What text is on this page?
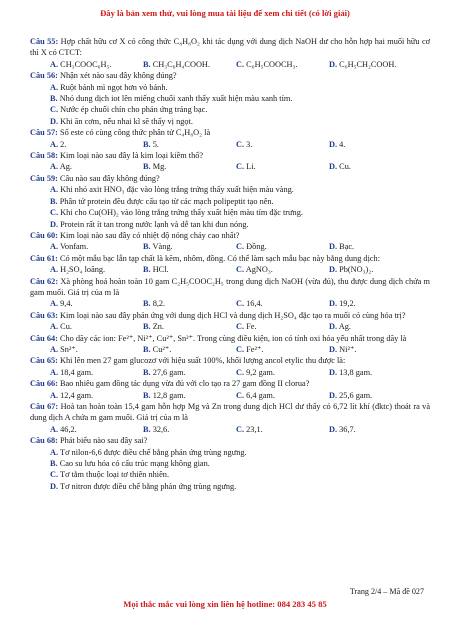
Đây là bản xem thử, vui lòng mua tài liệu để xem chi tiết (có lời giải)

Câu 55: Hợp chất hữu cơ X có công thức C₈H₈O₂ khi tác dụng với dung dịch NaOH dư cho hỗn hợp hai muối hữu cơ thì X có CTCT:

A. CH₃COOC₆H₅.	B. CH₃C₆H₄COOH.	C. C₆H₅COOCH₃.	D. C₆H₅CH₂COOH.

Câu 56: Nhận xét nào sau đây không đúng?

A. Ruột bánh mì ngọt hơn vỏ bánh.
B. Nhỏ dung dịch iot lên miếng chuối xanh thấy xuất hiện màu xanh tím.
C. Nước ép chuối chín cho phản ứng tráng bạc.
D. Khi ăn cơm, nếu nhai kĩ sẽ thấy vị ngọt.

Câu 57: Số este có cùng công thức phân tử C₄H₈O₂ là

A. 2.	B. 5.	C. 3.	D. 4.

Câu 58: Kim loại nào sau đây là kim loại kiềm thổ?

A. Ag.	B. Mg.	C. Li.	D. Cu.

Câu 59: Câu nào sau đây không đúng?

A. Khi nhỏ axit HNO₃ đặc vào lòng trắng trứng thấy xuất hiện màu vàng.
B. Phân tử protein đều được cấu tạo từ các mạch polipeptit tạo nên.
C. Khi cho Cu(OH)₂ vào lòng trắng trứng thấy xuất hiện màu tím đặc trưng.
D. Protein rất ít tan trong nước lạnh và dễ tan khi đun nóng.

Câu 60: Kim loại nào sau đây có nhiệt độ nóng chảy cao nhất?

A. Vonfam.	B. Vàng.	C. Đồng.	D. Bạc.

Câu 61: Có một mẫu bạc lẫn tạp chất là kẽm, nhôm, đồng. Có thể làm sạch mẫu bạc này bằng dung dịch:

A. H₂SO₄ loãng.	B. HCl.	C. AgNO₃.	D. Pb(NO₃)₂.

Câu 62: Xà phòng hoá hoàn toàn 10 gam C₂H₅COOC₂H₅ trong dung dịch NaOH (vừa đủ), thu được dung dịch chứa m gam muối. Giá trị của m là

A. 9,4.	B. 8,2.	C. 16,4.	D. 19,2.

Câu 63: Kim loại nào sau đây phản ứng với dung dịch HCl và dung dịch H₂SO₄ đặc tạo ra muối có cùng hóa trị?

A. Cu.	B. Zn.	C. Fe.	D. Ag.

Câu 64: Cho dãy các ion: Fe²⁺, Ni²⁺, Cu²⁺, Sn²⁺. Trong cùng điều kiện, ion có tính oxi hóa yếu nhất trong dãy là

A. Sn²⁺.	B. Cu²⁺.	C. Fe²⁺.	D. Ni²⁺.

Câu 65: Khi lên men 27 gam glucozơ với hiệu suất 100%, khối lượng ancol etylic thu được là:

A. 18,4 gam.	B. 27,6 gam.	C. 9,2 gam.	D. 13,8 gam.

Câu 66: Bao nhiêu gam đồng tác dụng vừa đủ với clo tạo ra 27 gam đồng II clorua?

A. 12,4 gam.	B. 12,8 gam.	C. 6,4 gam.	D. 25,6 gam.

Câu 67: Hoà tan hoàn toàn 15,4 gam hỗn hợp Mg và Zn trong dung dịch HCl dư thấy có 6,72 lít khí (đktc) thoát ra và dung dịch A chứa m gam muối. Giá trị của m là

A. 46,2.	B. 32,6.	C. 23,1.	D. 36,7.

Câu 68: Phát biểu nào sau đây sai?

A. Tơ nilon-6,6 được điều chế bằng phản ứng trùng ngưng.
B. Cao su lưu hóa có cấu trúc mạng không gian.
C. Tơ tằm thuộc loại tơ thiên nhiên.
D. Tơ nitron được điều chế bằng phản ứng trùng ngưng.
Trang 2/4 – Mã đề 027
Mọi thắc mắc vui lòng xin liên hệ hotline: 084 283 45 85
